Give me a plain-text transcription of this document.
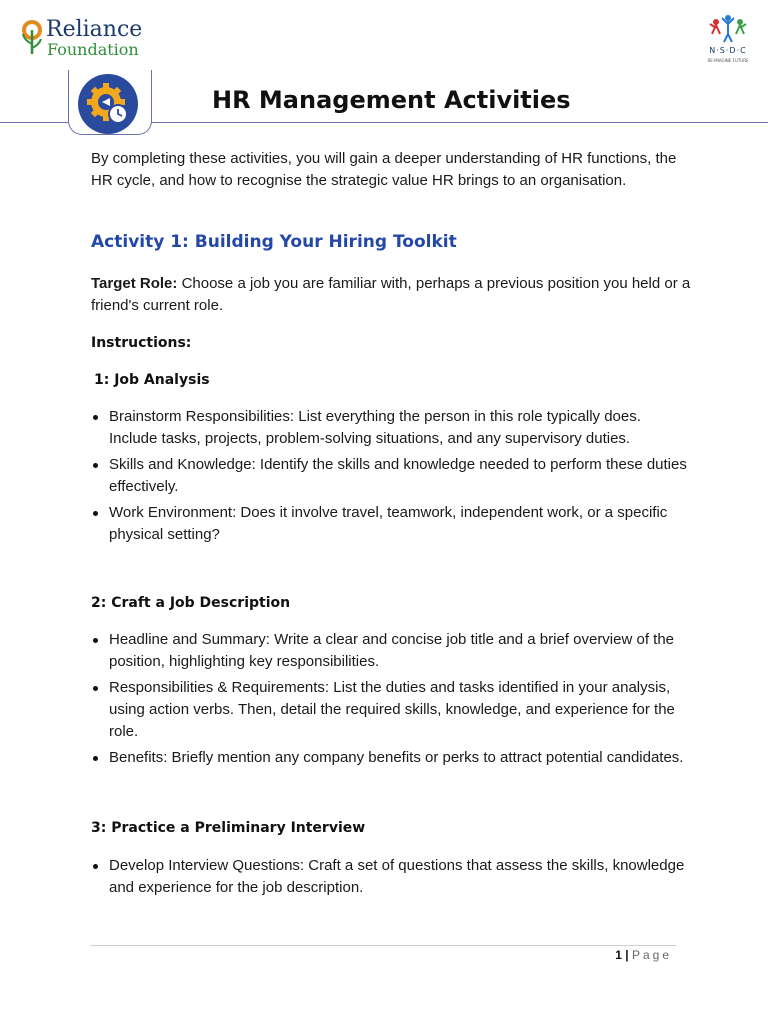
Reliance
Foundation	N·S·D·C
RE-IMAGINE FUTURE
HR Management Activities
By completing these activities, you will gain a deeper understanding of HR functions, the HR cycle, and how to recognise the strategic value HR brings to an organisation.
Activity 1: Building Your Hiring Toolkit
Target Role: Choose a job you are familiar with, perhaps a previous position you held or a friend's current role.
Instructions:
1: Job Analysis
Brainstorm Responsibilities: List everything the person in this role typically does. Include tasks, projects, problem-solving situations, and any supervisory duties.
Skills and Knowledge: Identify the skills and knowledge needed to perform these duties effectively.
Work Environment: Does it involve travel, teamwork, independent work, or a specific physical setting?
2: Craft a Job Description
Headline and Summary: Write a clear and concise job title and a brief overview of the position, highlighting key responsibilities.
Responsibilities & Requirements: List the duties and tasks identified in your analysis, using action verbs. Then, detail the required skills, knowledge, and experience for the role.
Benefits: Briefly mention any company benefits or perks to attract potential candidates.
3: Practice a Preliminary Interview
Develop Interview Questions: Craft a set of questions that assess the skills, knowledge and experience for the job description.
1 | Page
